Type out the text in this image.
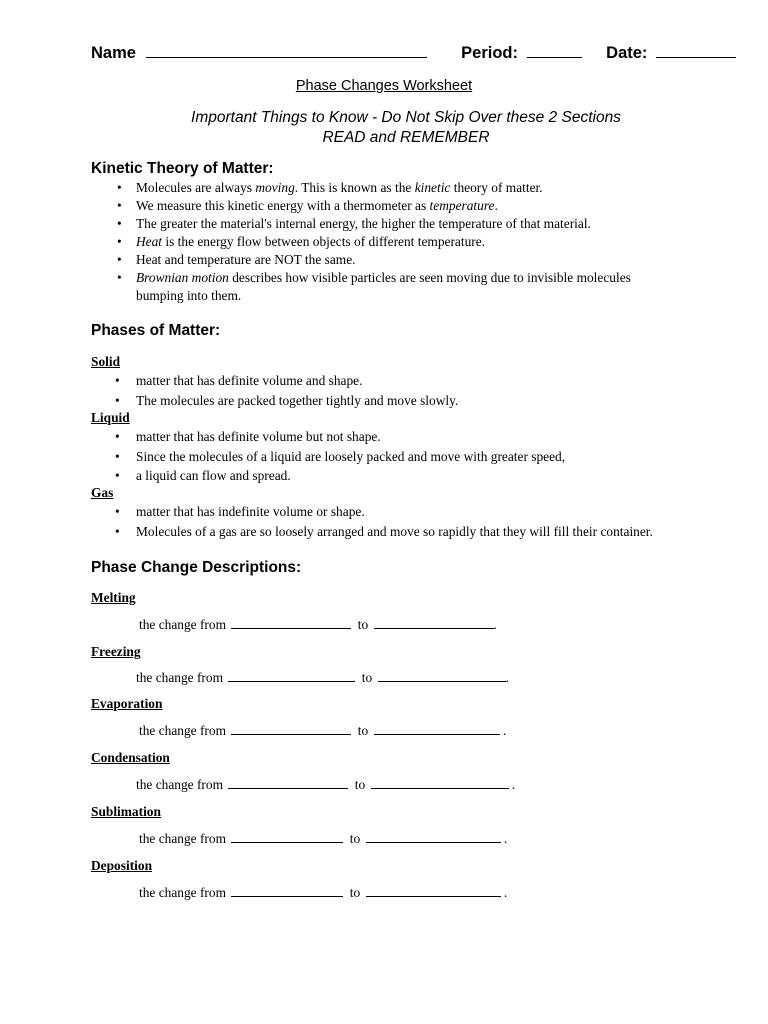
Name	Period:	Date:
Phase Changes Worksheet
Important Things to Know - Do Not Skip Over these 2 Sections
READ and REMEMBER
Kinetic Theory of Matter:
• Molecules are always moving. This is known as the kinetic theory of matter.
• We measure this kinetic energy with a thermometer as temperature.
• The greater the material's internal energy, the higher the temperature of that material.
• Heat is the energy flow between objects of different temperature.
• Heat and temperature are NOT the same.
• Brownian motion describes how visible particles are seen moving due to invisible molecules
bumping into them.
Phases of Matter:
Solid
• matter that has definite volume and shape.
• The molecules are packed together tightly and move slowly.
Liquid
• matter that has definite volume but not shape.
• Since the molecules of a liquid are loosely packed and move with greater speed,
• a liquid can flow and spread.
Gas
• matter that has indefinite volume or shape.
• Molecules of a gas are so loosely arranged and move so rapidly that they will fill their container.
Phase Change Descriptions:
Melting
the change from	to	.
Freezing
the change from	to	.
Evaporation
the change from	to	.
Condensation
the change from	to	.
Sublimation
the change from	to	.
Deposition
the change from	to	.
